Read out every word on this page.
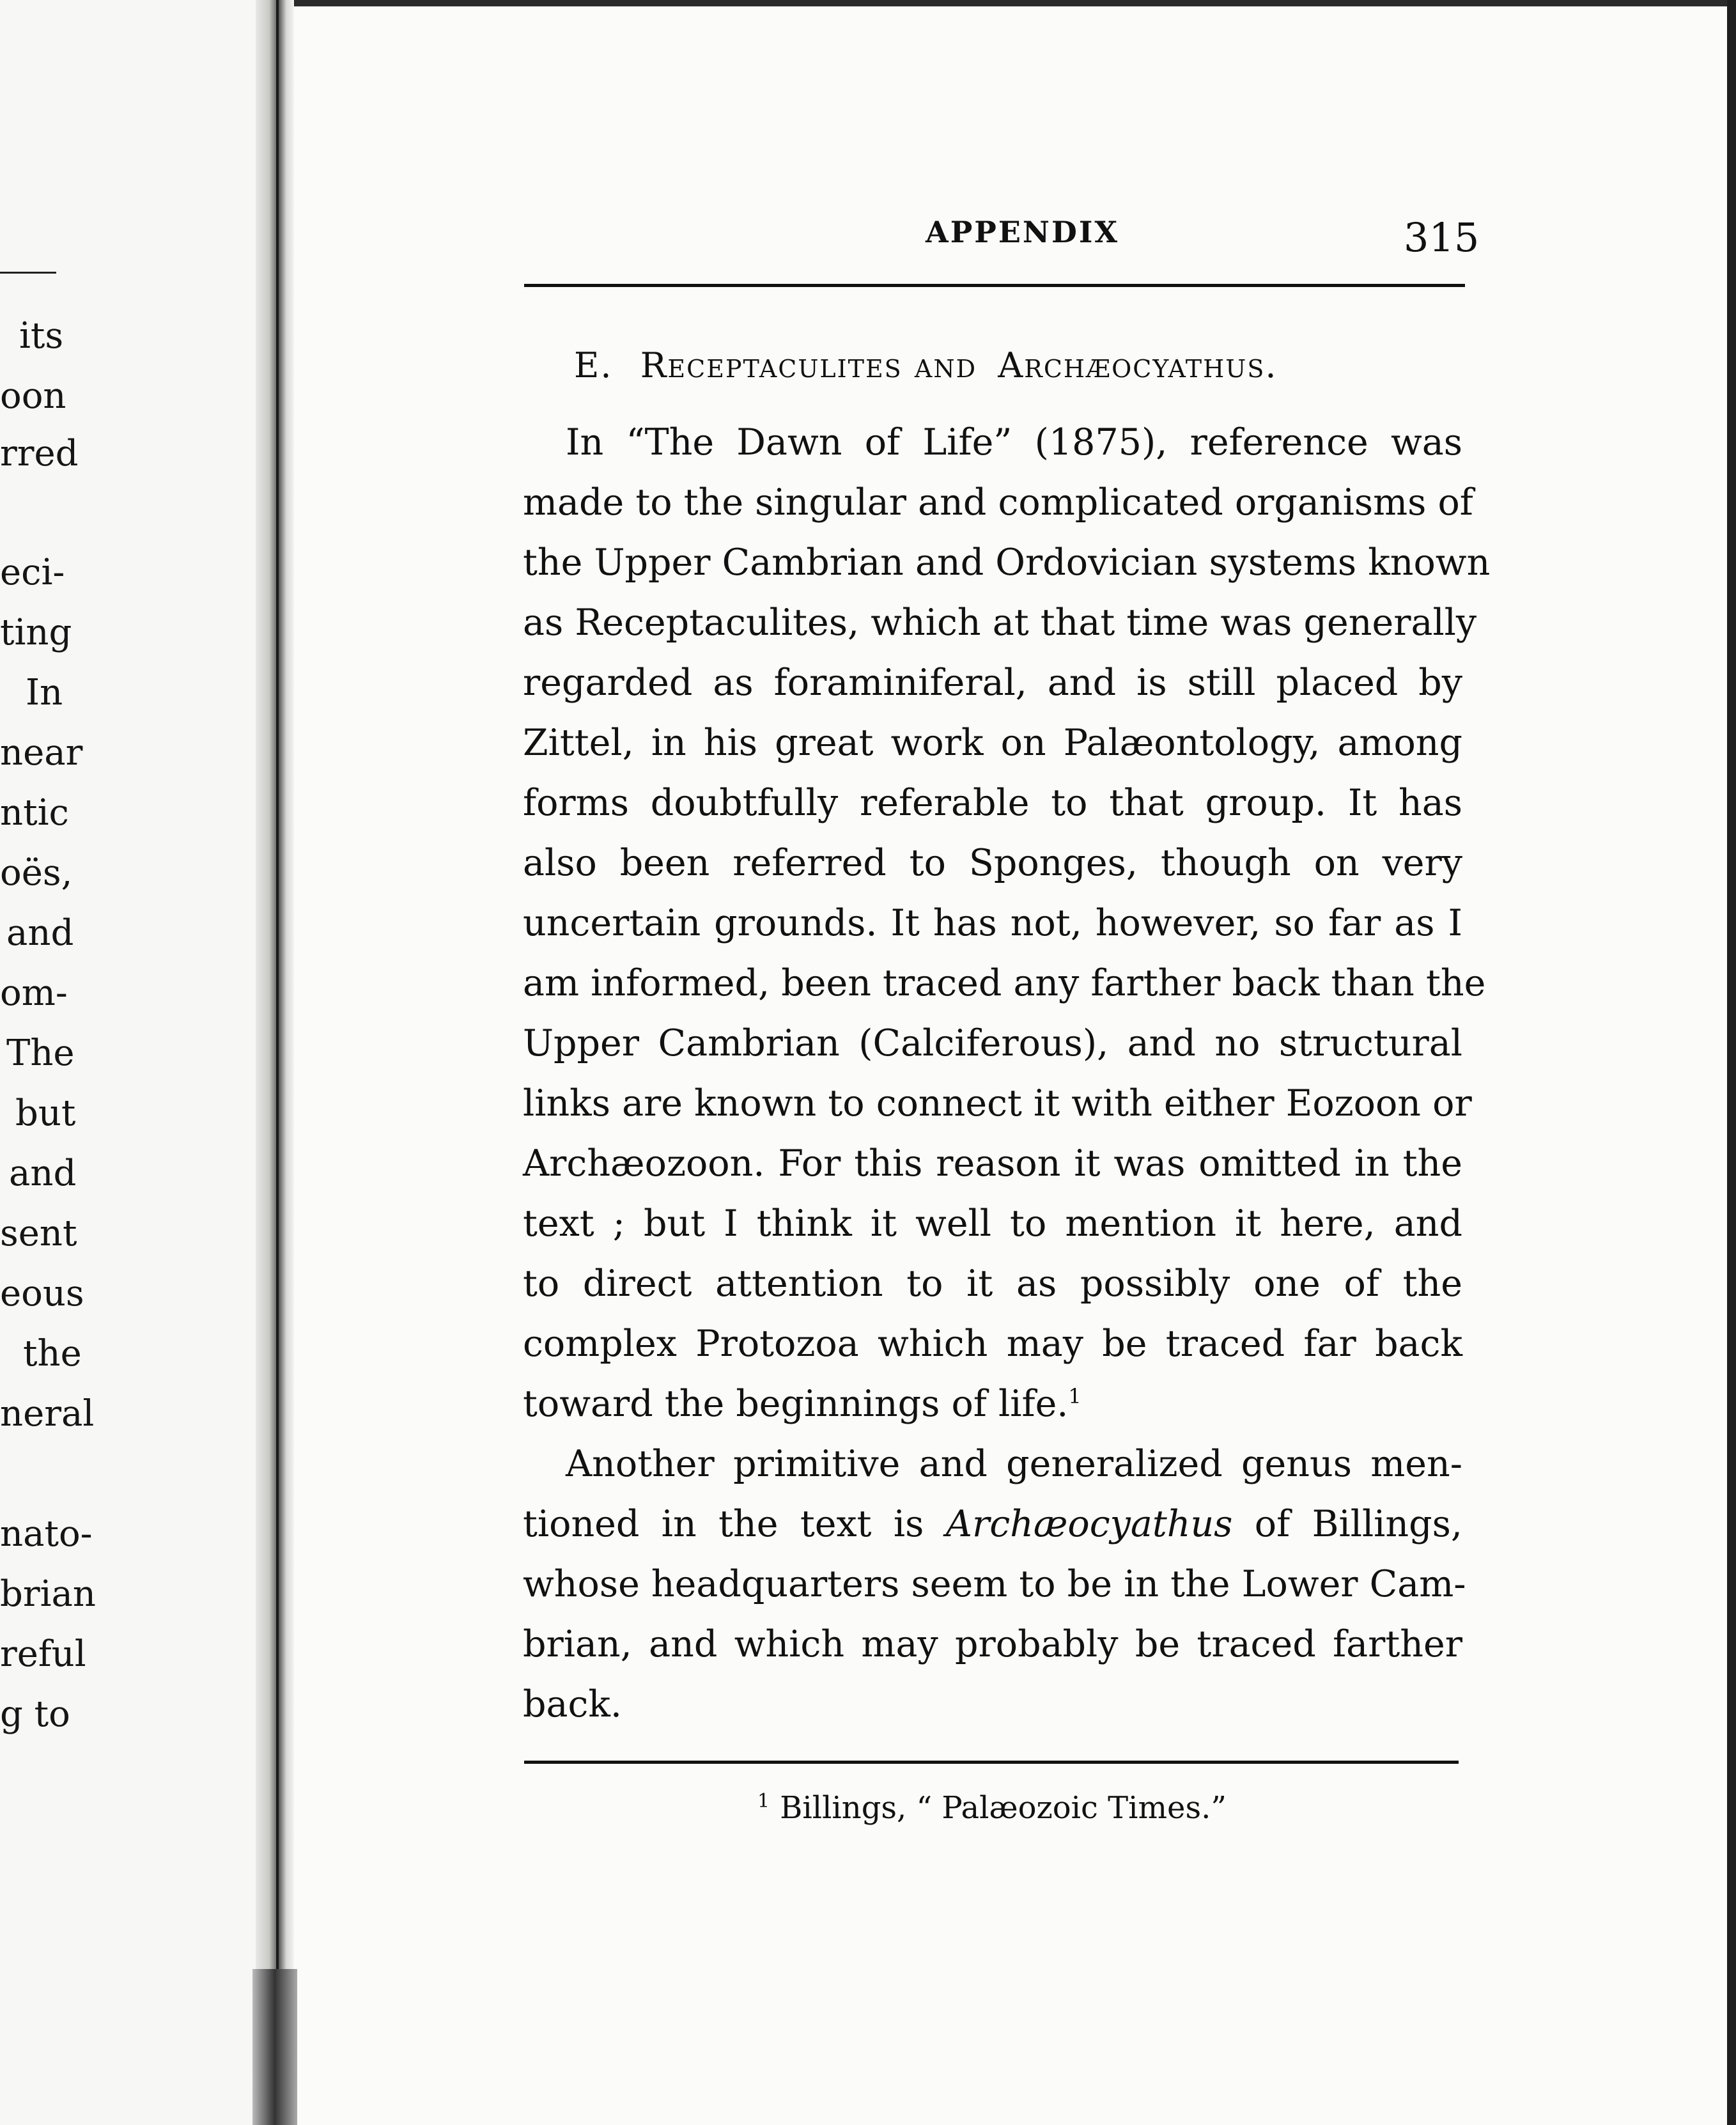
its
oon
rred
eci-
ting
In
near
ntic
oës,
and
om-
The
but
and
sent
eous
the
neral
nato-
brian
reful
g to
APPENDIX	315
E. Receptaculites and Archæocyathus.
In “The Dawn of Life” (1875), reference was
made to the singular and complicated organisms of
the Upper Cambrian and Ordovician systems known
as Receptaculites, which at that time was generally
regarded as foraminiferal, and is still placed by
Zittel, in his great work on Palæontology, among
forms doubtfully referable to that group. It has
also been referred to Sponges, though on very
uncertain grounds. It has not, however, so far as I
am informed, been traced any farther back than the
Upper Cambrian (Calciferous), and no structural
links are known to connect it with either Eozoon or
Archæozoon. For this reason it was omitted in the
text ; but I think it well to mention it here, and
to direct attention to it as possibly one of the
complex Protozoa which may be traced far back
toward the beginnings of life.$^1$
Another primitive and generalized genus men-
tioned in the text is Archæocyathus of Billings,
whose headquarters seem to be in the Lower Cam-
brian, and which may probably be traced farther
back.
$^1$ Billings, “ Palæozoic Times.”
